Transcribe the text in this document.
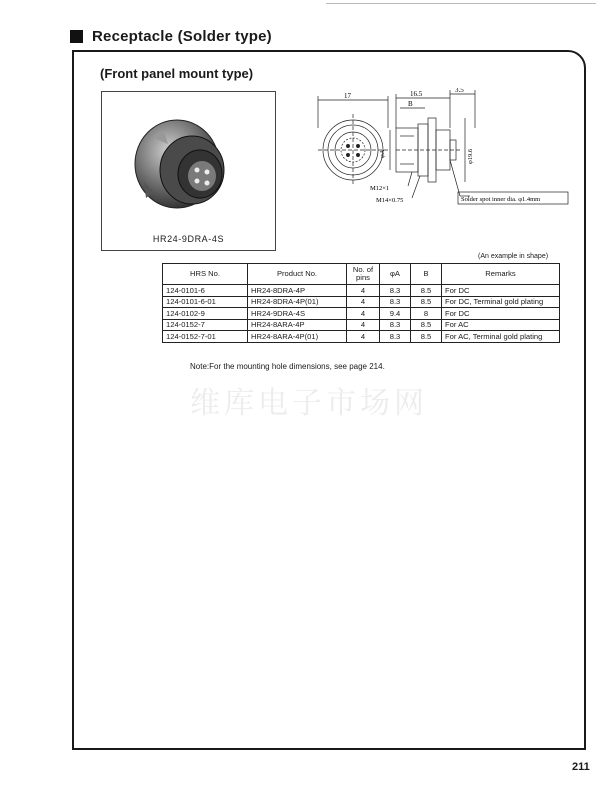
Receptacle (Solder type)
(Front panel mount type)
HR24-9DRA-4S
17	16.5	3.5
B
φA	φ19.6
M12×1
M14×0.75	Solder spot inner dia. φ1.4mm
(An example in shape)
HRS No.	Product No.	No. of pins	φA	B	Remarks
124-0101-6	HR24-8DRA-4P	4	8.3	8.5	For DC
124-0101-6-01	HR24-8DRA-4P(01)	4	8.3	8.5	For DC, Terminal gold plating
124-0102-9	HR24-9DRA-4S	4	9.4	8	For DC
124-0152-7	HR24-8ARA-4P	4	8.3	8.5	For AC
124-0152-7-01	HR24-8ARA-4P(01)	4	8.3	8.5	For AC, Terminal gold plating
Note:For the mounting hole dimensions, see page 214.
维库电子市场网
211
